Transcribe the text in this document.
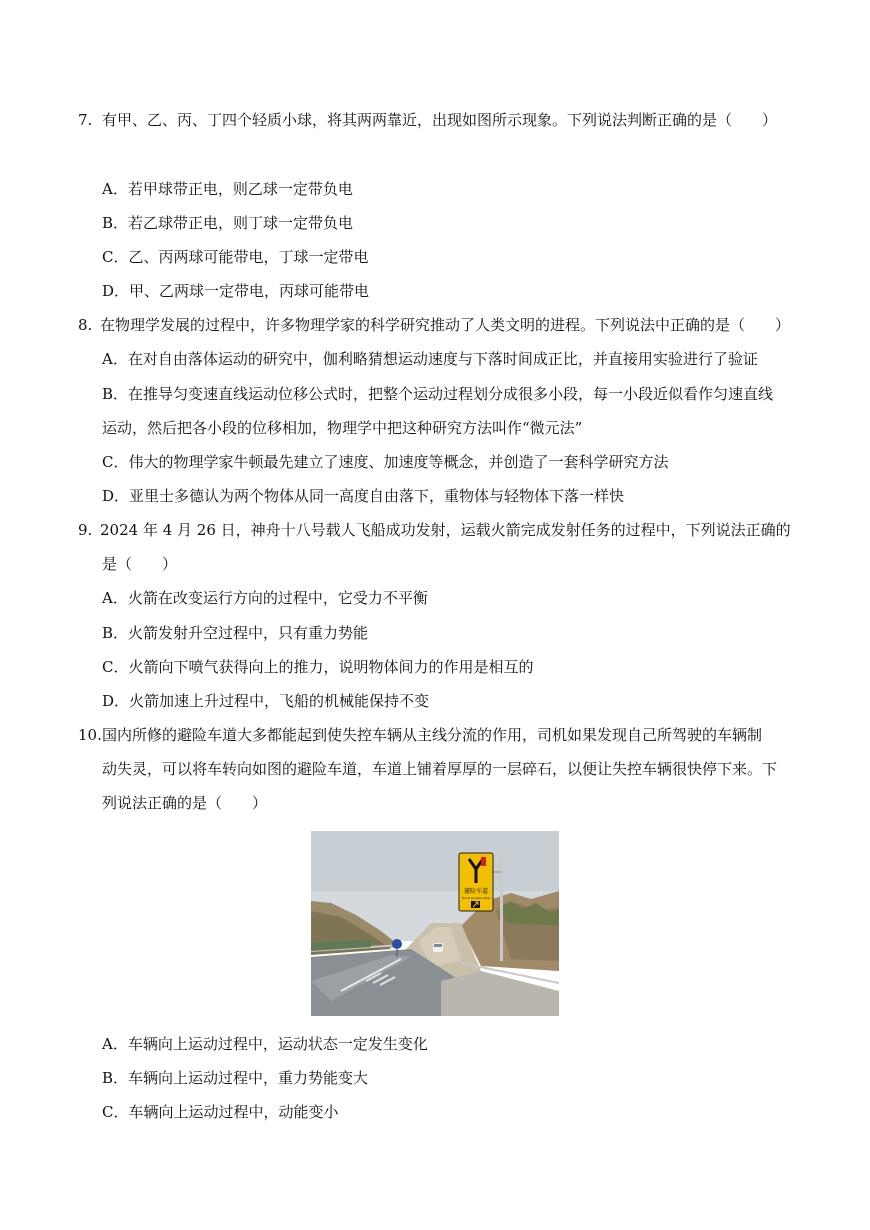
7. 有甲、乙、丙、丁四个轻质小球，将其两两靠近，出现如图所示现象。下列说法判断正确的是（　　）
A．若甲球带正电，则乙球一定带负电
B．若乙球带正电，则丁球一定带负电
C．乙、丙两球可能带电，丁球一定带电
D．甲、乙两球一定带电，丙球可能带电
8. 在物理学发展的过程中，许多物理学家的科学研究推动了人类文明的进程。下列说法中正确的是（　　）
A．在对自由落体运动的研究中，伽利略猜想运动速度与下落时间成正比，并直接用实验进行了验证
B．在推导匀变速直线运动位移公式时，把整个运动过程划分成很多小段，每一小段近似看作匀速直线
运动，然后把各小段的位移相加，物理学中把这种研究方法叫作“微元法”
C．伟大的物理学家牛顿最先建立了速度、加速度等概念，并创造了一套科学研究方法
D．亚里士多德认为两个物体从同一高度自由落下，重物体与轻物体下落一样快
9. 2024 年 4 月 26 日，神舟十八号载人飞船成功发射，运载火箭完成发射任务的过程中，下列说法正确的
是（　　）
A．火箭在改变运行方向的过程中，它受力不平衡
B．火箭发射升空过程中，只有重力势能
C．火箭向下喷气获得向上的推力，说明物体间力的作用是相互的
D．火箭加速上升过程中，飞船的机械能保持不变
10. 国内所修的避险车道大多都能起到使失控车辆从主线分流的作用，司机如果发现自己所驾驶的车辆制
动失灵，可以将车转向如图的避险车道，车道上铺着厚厚的一层碎石，以便让失控车辆很快停下来。下
列说法正确的是（　　）
避险车道
Truck escape ramp
A．车辆向上运动过程中，运动状态一定发生变化
B．车辆向上运动过程中，重力势能变大
C．车辆向上运动过程中，动能变小
